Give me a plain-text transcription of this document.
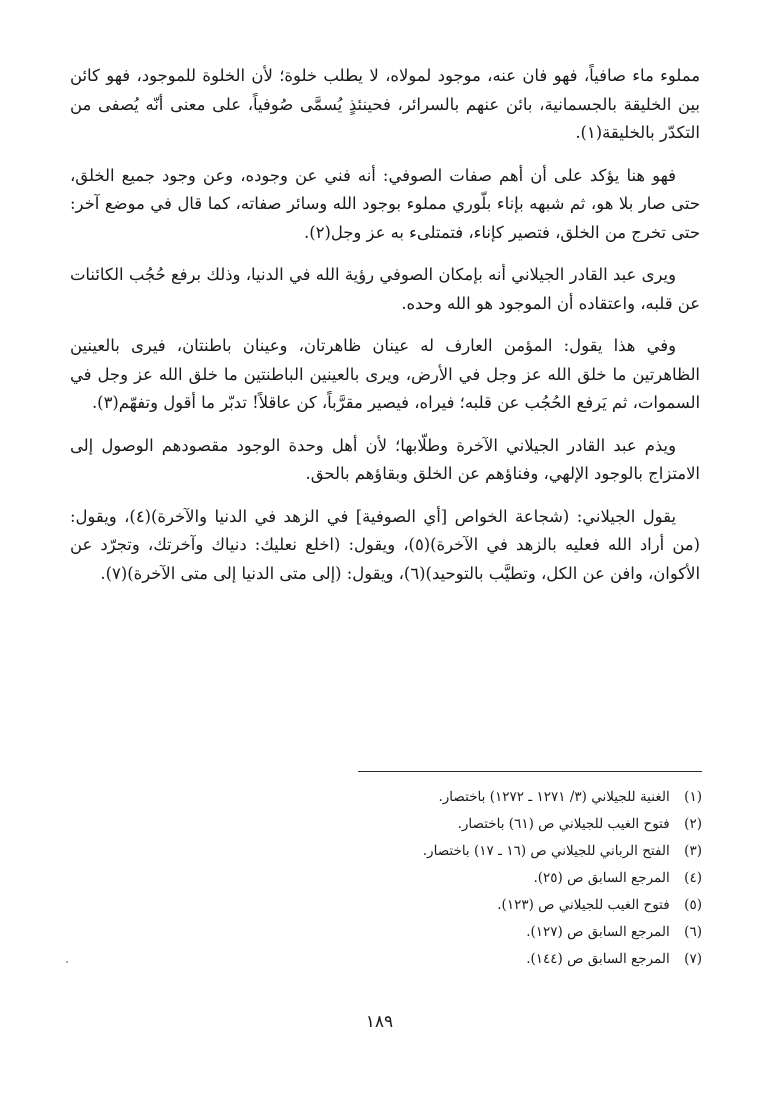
مملوء ماء صافياً، فهو فان عنه، موجود لمولاه، لا يطلب خلوة؛ لأن الخلوة للموجود، فهو كائن بين الخليقة بالجسمانية، بائن عنهم بالسرائر، فحينئذٍ يُسمَّى صُوفياً، على معنى أنّه يُصفى من التكدّر بالخليقة(١).

فهو هنا يؤكد على أن أهم صفات الصوفي: أنه فني عن وجوده، وعن وجود جميع الخلق، حتى صار بلا هو، ثم شبهه بإناء بلّوري مملوء بوجود الله وسائر صفاته، كما قال في موضع آخر: حتى تخرج من الخلق، فتصير كإناء، فتمتلىء به عز وجل(٢).

ويرى عبد القادر الجيلاني أنه بإمكان الصوفي رؤية الله في الدنيا، وذلك برفع حُجُب الكائنات عن قلبه، واعتقاده أن الموجود هو الله وحده.

وفي هذا يقول: المؤمن العارف له عينان ظاهرتان، وعينان باطنتان، فيرى بالعينين الظاهرتين ما خلق الله عز وجل في الأرض، ويرى بالعينين الباطنتين ما خلق الله عز وجل في السموات، ثم يَرفع الحُجُب عن قلبه؛ فيراه، فيصير مقرَّباً، كن عاقلاً! تدبّر ما أقول وتفهّم(٣).

ويذم عبد القادر الجيلاني الآخرة وطلّابها؛ لأن أهل وحدة الوجود مقصودهم الوصول إلى الامتزاج بالوجود الإلهي، وفناؤهم عن الخلق وبقاؤهم بالحق.

يقول الجيلاني: (شجاعة الخواص [أي الصوفية] في الزهد في الدنيا والآخرة)(٤)، ويقول: (من أراد الله فعليه بالزهد في الآخرة)(٥)، ويقول: (اخلع نعليك: دنياك وآخرتك، وتجرّد عن الأكوان، وافن عن الكل، وتطيَّب بالتوحيد)(٦)، ويقول: (إلى متى الدنيا إلى متى الآخرة)(٧).

(١) الغنية للجيلاني (٣/ ١٢٧١ ـ ١٢٧٢) باختصار.
(٢) فتوح الغيب للجيلاني ص (٦١) باختصار.
(٣) الفتح الرباني للجيلاني ص (١٦ ـ ١٧) باختصار.
(٤) المرجع السابق ص (٢٥).
(٥) فتوح الغيب للجيلاني ص (١٢٣).
(٦) المرجع السابق ص (١٢٧).
(٧) المرجع السابق ص (١٤٤).
١٨٩
